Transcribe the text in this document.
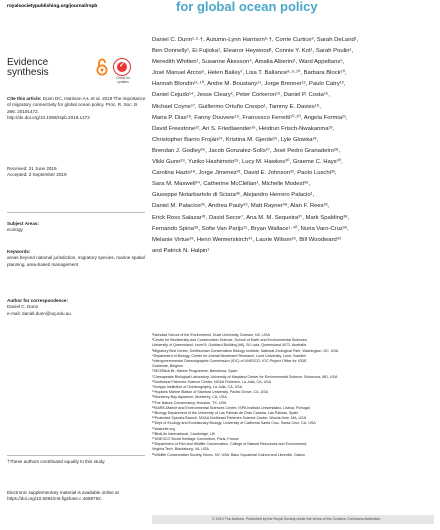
for global ocean policy
royalsocietypublishing.org/journal/rspb
Evidence
synthesis
✓
Check for
updates
Cite this article: Dunn DC, Harrison A-L et al. 2019 The importance of migratory connectivity for global ocean policy. Proc. R. Soc. B 286: 20191472.
http://dx.doi.org/10.1098/rspb.2019.1472
Received: 21 June 2019
Accepted: 3 September 2019
Subject Areas:
ecology
Keywords:
areas beyond national jurisdiction, migratory species, marine spatial planning, area-based management
Author for correspondence:
Daniel C. Dunn
e-mail: daniel.dunn@uq.edu.au
†These authors contributed equally to this study.
Electronic supplementary material is available online at https://doi.org/10.6084/m9.figshare.c.4658792.
Daniel C. Dunn¹·²·†, Autumn-Lynn Harrison³·†, Corrie Curtice³, Sarah DeLand¹,
Ben Donnelly¹, Ei Fujioka¹, Eleanor Heywood¹, Connie Y. Kot¹, Sarah Poulin¹,
Meredith Whitten¹, Susanne Åkesson⁴, Amalia Alberini¹, Ward Appeltans⁵,
José Manuel Arcos⁶, Helen Bailey⁷, Lisa T. Ballance⁸·⁹·¹⁰, Barbara Block¹⁰,
Hannah Blondin¹¹·¹⁰, Andre M. Boustany¹¹, Jorge Brenner¹², Paulo Catry¹³,
Daniel Cejudo¹⁴, Jesse Cleary¹, Peter Corkeron¹⁵, Daniel P. Costa¹⁶,
Michael Coyne¹⁷, Guillermo Ortuño Crespo¹, Tammy E. Davies¹⁸,
Maria P. Dias¹⁸, Fanny Douvere¹⁹, Francesco Ferretti¹⁰·²⁰, Angela Formia²¹,
David Freestone²², Ari S. Friedlaender¹⁶, Heidrun Frisch-Nwakanma²³,
Christopher Barrio Froján²⁴, Kristina M. Gjerde²⁵, Lyle Glowka²³,
Brendan J. Godley²⁶, Jacob Gonzalez-Solís²⁷, José Pedro Granadeiro²⁸,
Vikki Gunn²⁹, Yuriko Hashimoto²⁹, Lucy M. Hawkes³⁰, Graeme C. Hays³⁰,
Carolina Hazin¹⁸, Jorge Jimenez³¹, David E. Johnson³², Paolo Luschi³³,
Sara M. Maxwell³⁴, Catherine McClellan¹, Michelle Modest³⁶,
Giuseppe Notarbartolo di Sciara³⁶, Alejandro Herrero Palacio¹,
Daniel M. Palacios³⁵, Andrea Pauly²³, Matt Rayner³⁸, Alan F. Rees²⁶,
Erick Ross Salazar³¹, David Secor⁷, Ana M. M. Sequeira³⁷, Mark Spalding³⁸,
Fernando Spina³⁹, Sofie Van Parijs¹⁵, Bryan Wallace¹·⁴⁰, Nuria Varo-Cruz³⁶,
Melanie Virtue²³, Henri Weimerskirch⁴¹, Laurie Wilson²⁹, Bill Woodward⁴²
and Patrick N. Halpin¹
¹Nicholas School of the Environment, Duke University, Durham, NC, USA
²Centre for Biodiversity and Conservation Science, School of Earth and Environmental Sciences,
University of Queensland, Level 5, Goddard Building (#8), St Lucia, Queensland 4072, Australia
³Migratory Bird Center, Smithsonian Conservation Biology Institute, National Zoological Park, Washington, DC, USA
⁴Department of Biology, Center for Animal Movement Research, Lund University, Lund, Sweden
⁵Intergovernmental Oceanographic Commission (IOC) of UNESCO, IOC Project Office for IODE,
Oostende, Belgium
⁶SEO/BirdLife, Marine Programme, Barcelona, Spain
⁷Chesapeake Biological Laboratory, University of Maryland Center for Environmental Science, Solomons, MD, USA
⁸Southwest Fisheries Science Center, NOAA Fisheries, La Jolla, CA, USA
⁹Scripps Institution of Oceanography, La Jolla, CA, USA
¹⁰Hopkins Marine Station of Stanford University, Pacific Grove, CA, USA
¹¹Monterey Bay Aquarium, Monterey, CA, USA
¹²The Nature Conservancy, Houston, TX, USA
¹³MARE-Marine and Environmental Sciences Centre, ISPA Instituto Universitário, Lisboa, Portugal
¹⁴Biology Department of the University of Las Palmas de Gran Canaria, Las Palmas, Spain
¹⁵Protected Species Branch, NOAA Northeast Fisheries Science Center, Woods Hole, MA, USA
¹⁶Dept of Ecology and Evolutionary Biology, University of California Santa Cruz, Santa Cruz, CA, USA
¹⁷seaturtle.org
¹⁸BirdLife International, Cambridge, UK
¹⁹UNESCO World Heritage Convention, Paris, France
²⁰Department of Fish and Wildlife Conservation, College of Natural Resources and Environment,
Virginia Tech, Blacksburg, VA, USA
²¹Wildlife Conservation Society, Bronx, NY, USA; Bata, Equatorial Guinea and Libreville, Gabon
© 2019 The Authors. Published by the Royal Society under the terms of the Creative Commons Attribution
